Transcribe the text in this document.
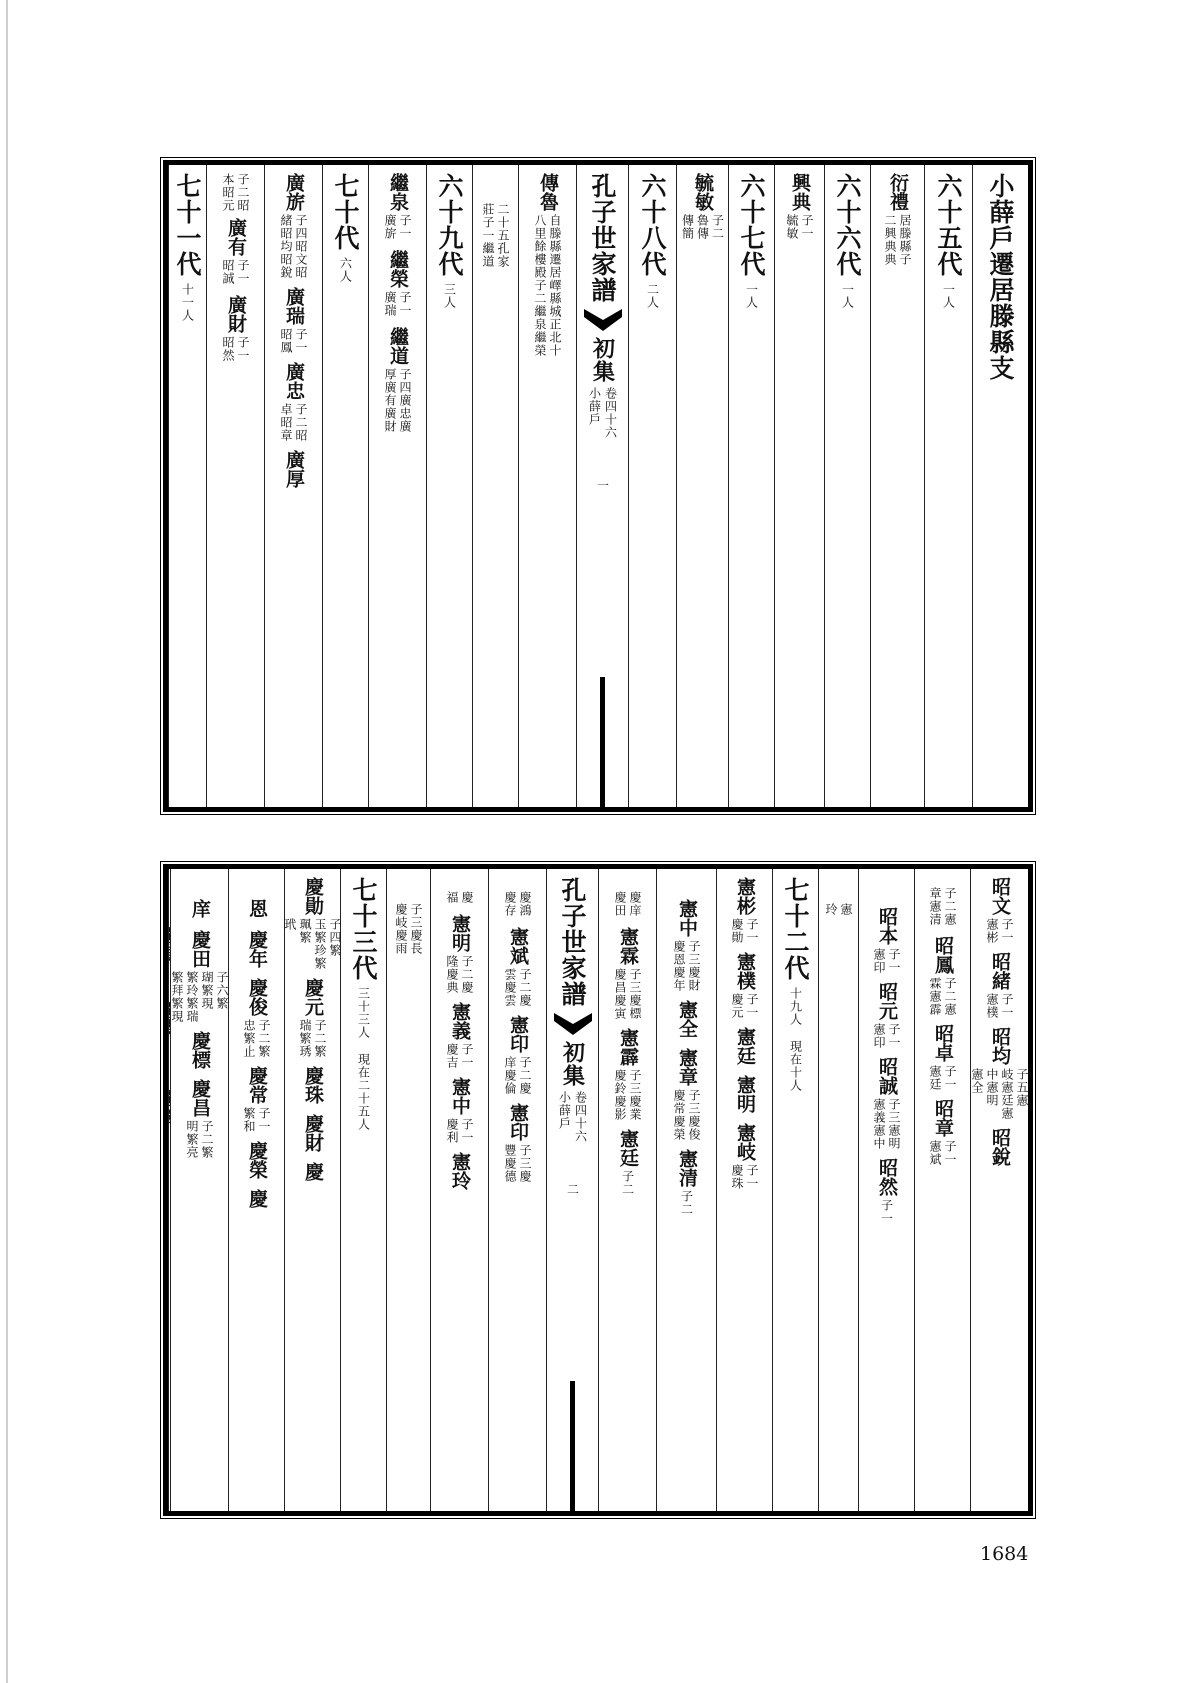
小薛戶遷居滕縣支
六十五代
一人
衍禮
居滕縣
子
二
興典
典
六十六代
一人
興典
子一
毓敏
六十七代
一人
毓敏
子二
魯傳
傳簡
六十八代
二人
孔子世家譜
初集
卷四十六
小薛戶
一
傳魯
自滕縣遷居嶧縣城正北十
八里餘樓殿子二繼泉繼榮
二十五孔家
莊子一繼道
六十九代
三人
繼泉
子一
廣旂
繼榮
子一
廣瑞
繼道
子四廣忠廣
厚廣有廣財
七十代
六人
廣旂
子四昭文昭
緒昭均昭銳
廣瑞
子一
昭鳳
廣忠
子二昭
卓昭章
廣厚
子二昭
本昭元
廣有
子一
昭誠
廣財
子一
昭然
七十一代
十一人
昭文
子一
憲彬
昭緒
子一
憲樸
昭均
子五憲
岐憲廷憲
中憲明
憲全
昭銳
子二憲
章憲清
昭鳳
子二憲
霖憲霹
昭卓
子一
憲廷
昭章
子一
憲斌
昭本
子一
憲印
昭元
子一
憲印
昭誠
子三憲明
憲義憲中
昭然
子一
憲
玲
七十二代
十九人
現在十人
憲彬
子一
慶勛
憲樸
子一
慶元
憲廷
憲明
憲岐
子一
慶珠
憲中
子三慶財
慶恩慶年
憲全
憲章
子三慶俊
慶常慶榮
憲清
子二
慶庠
慶田
憲霖
子三慶標
慶昌慶寅
憲霹
子三慶業
慶鈴慶影
憲廷
子二
孔子世家譜
初集
卷四十六
小薛戶
二
慶鴻
慶存
憲斌
子二慶
雲慶雲
憲印
子二慶
庠慶倫
憲印
子三慶
豐慶德
慶
福
憲明
子二慶
隆慶典
憲義
子一
慶吉
憲中
子一
慶利
憲玲
子三慶長
慶岐慶雨
七十三代
三十三人
現在二十五人
慶勛
子四繁
玉繁珍繁
珮繁
玳
慶元
子二繁
瑞繁琇
慶珠
慶財
慶
恩
慶年
慶俊
子二繁
忠繁止
慶常
子一
繁和
慶榮
慶
庠
慶田
子六繁
瑚繁現
繁玲繁瑞
繁拜繁現
慶標
慶昌
子二繁
明繁亮
慶寅
慶業
慶鈴
1684
